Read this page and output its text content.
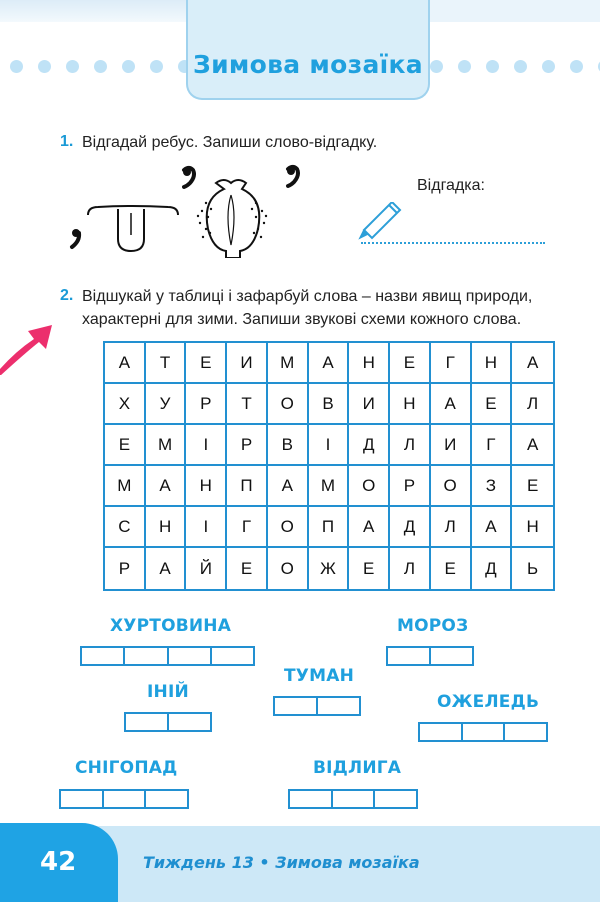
Зимова мозаїка
1. Відгадай ребус. Запиши слово-відгадку.
Відгадка:
2. Відшукай у таблиці і зафарбуй слова – назви явищ природи,
характерні для зими. Запиши звукові схеми кожного слова.
А	Т	Е	И	М	А	Н	Е	Г	Н	А
Х	У	Р	Т	О	В	И	Н	А	Е	Л
Е	М	І	Р	В	І	Д	Л	И	Г	А
М	А	Н	П	А	М	О	Р	О	З	Е
С	Н	І	Г	О	П	А	Д	Л	А	Н
Р	А	Й	Е	О	Ж	Е	Л	Е	Д	Ь
ХУРТОВИНА	МОРОЗ
ІНІЙ
ТУМАН
ОЖЕЛЕДЬ
СНІГОПАД	ВІДЛИГА
42	Тиждень 13 • Зимова мозаїка
